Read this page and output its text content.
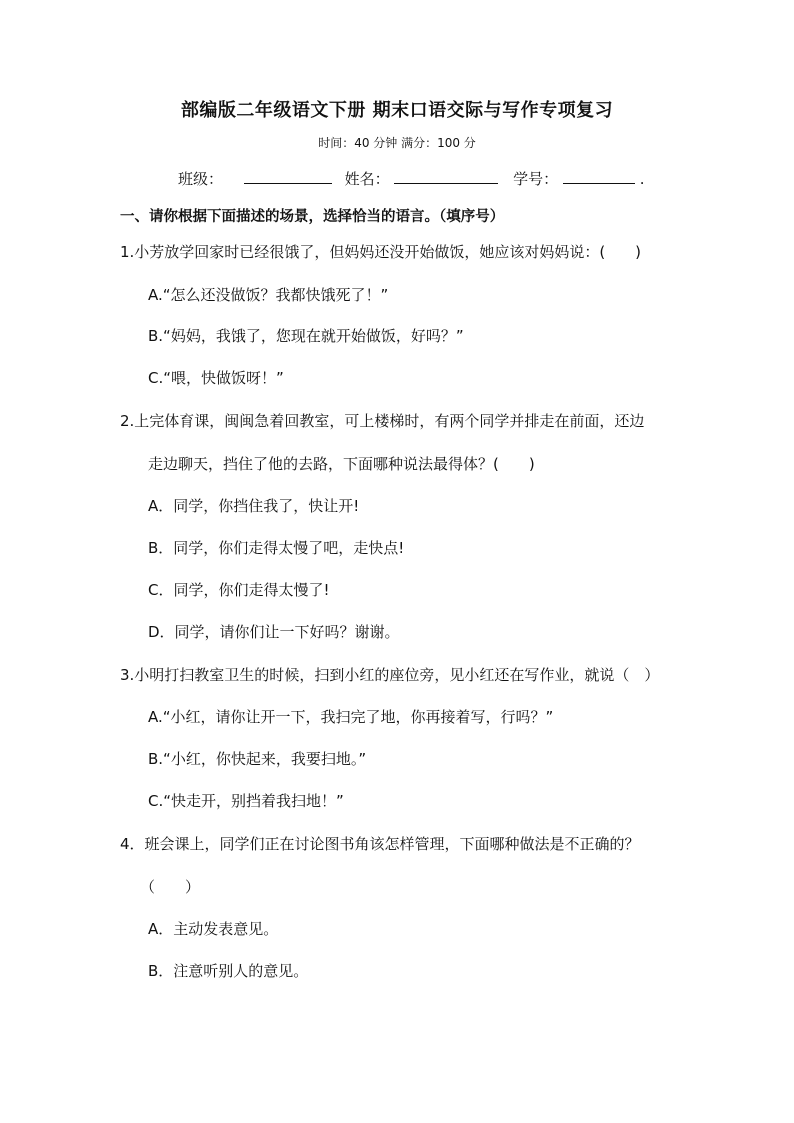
部编版二年级语文下册 期末口语交际与写作专项复习
时间：40 分钟 满分：100 分
班级：	姓名：	学号：	.
一、请你根据下面描述的场景，选择恰当的语言。（填序号）
1.小芳放学回家时已经很饿了，但妈妈还没开始做饭，她应该对妈妈说：(　　)
A.“怎么还没做饭？我都快饿死了！”
B.“妈妈，我饿了，您现在就开始做饭，好吗？”
C.“喂，快做饭呀！”
2.上完体育课，闽闽急着回教室，可上楼梯时，有两个同学并排走在前面，还边
走边聊天，挡住了他的去路，下面哪种说法最得体？(　　)
A．同学，你挡住我了，快让开!
B．同学，你们走得太慢了吧，走快点!
C．同学，你们走得太慢了!
D．同学，请你们让一下好吗？谢谢。
3.小明打扫教室卫生的时候，扫到小红的座位旁，见小红还在写作业，就说（　）
A.“小红，请你让开一下，我扫完了地，你再接着写，行吗？”
B.“小红，你快起来，我要扫地。”
C.“快走开，别挡着我扫地！”
4．班会课上，同学们正在讨论图书角该怎样管理，下面哪种做法是不正确的？
（　　）
A．主动发表意见。
B．注意听别人的意见。
